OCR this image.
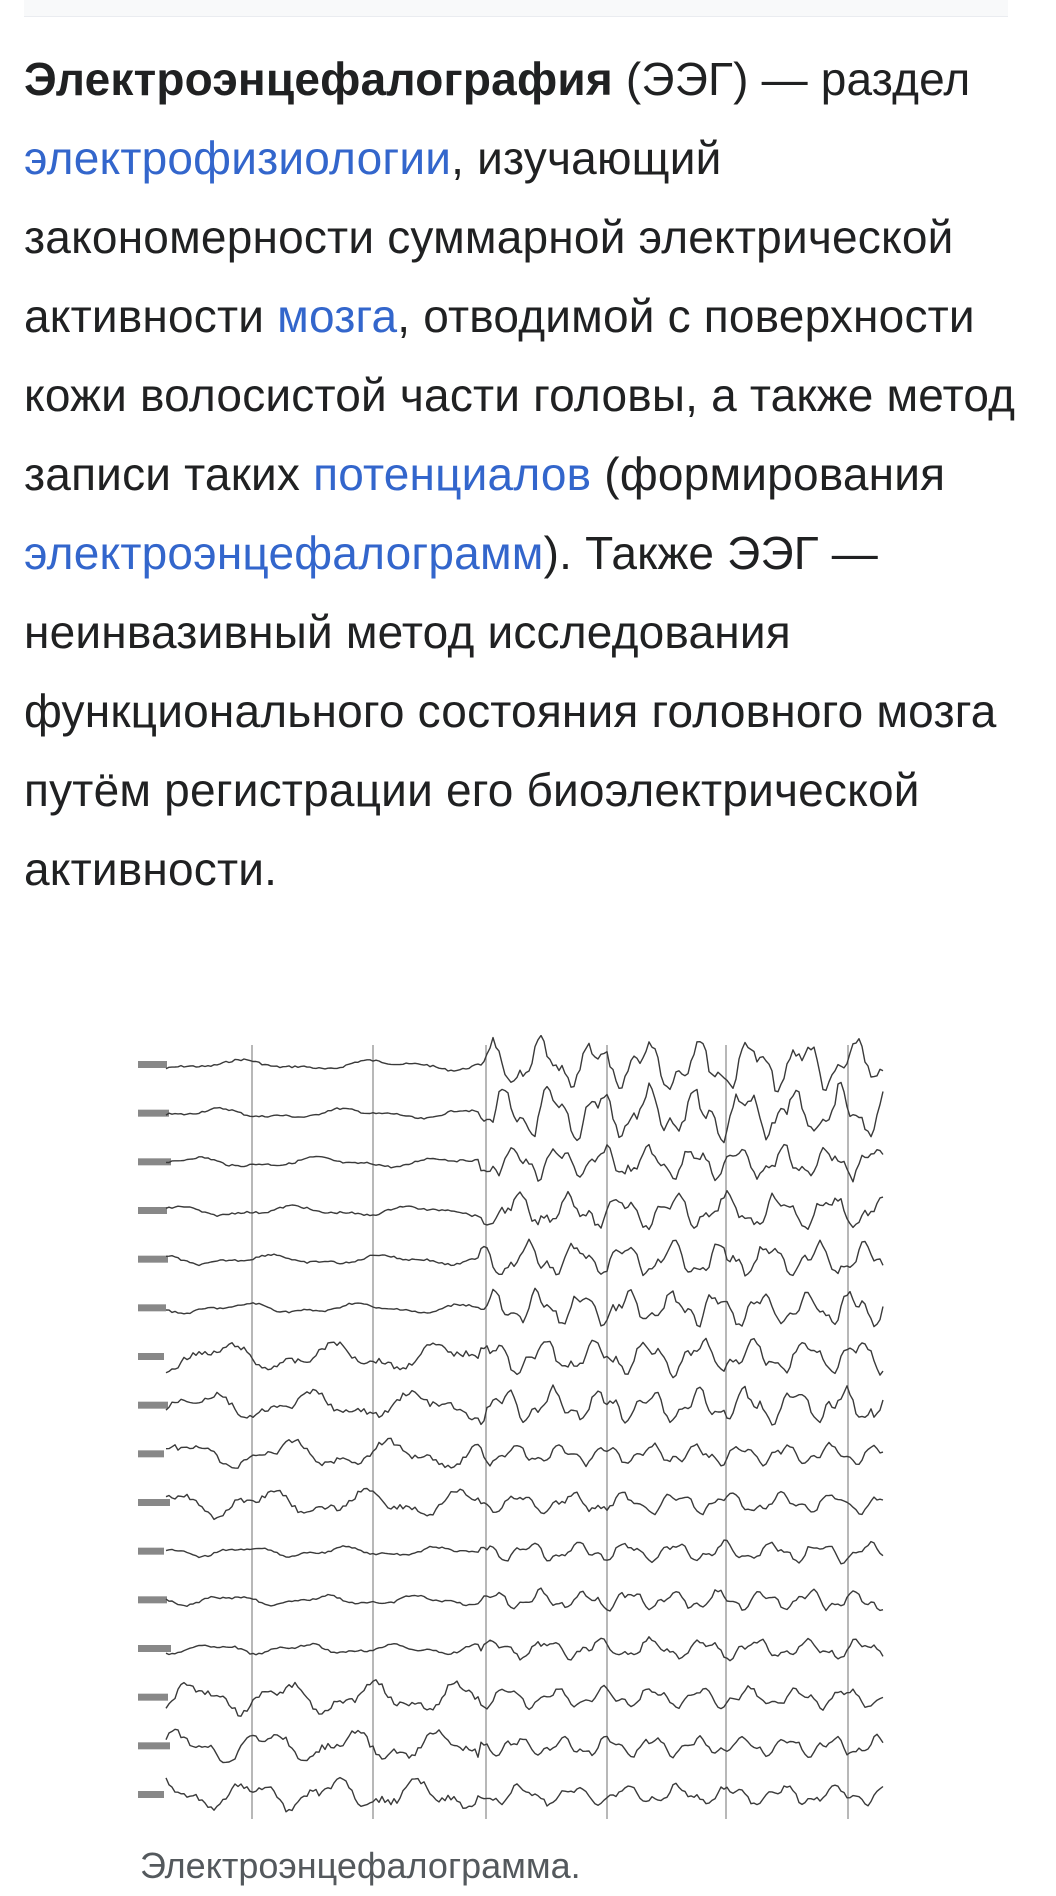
Электроэнцефалография (ЭЭГ) — раздел электрофизиологии, изучающий закономерности суммарной электрической активности мозга, отводимой с поверхности кожи волосистой части головы, а также метод записи таких потенциалов (формирования электроэнцефалограмм). Также ЭЭГ — неинвазивный метод исследования функционального состояния головного мозга путём регистрации его биоэлектрической активности.
Электроэнцефалограмма.
